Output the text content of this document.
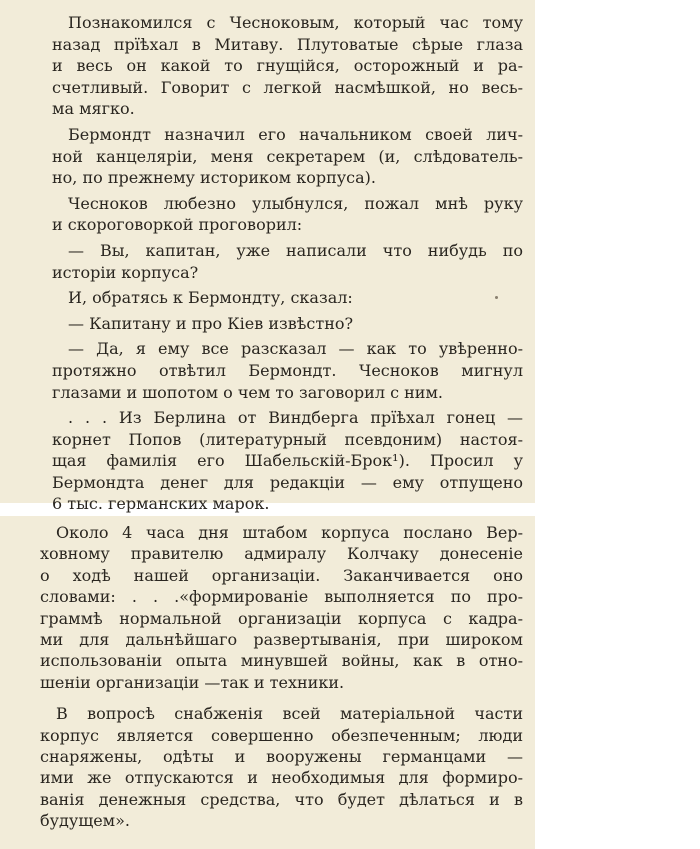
 Познакомился с Чесноковым, который час тому
назад прїѣхал в Митаву. Плутоватые сѣрые глаза
и весь он какой то гнущійся, осторожный и ра-
счетливый. Говорит с легкой насмѣшкой, но весь-
ма мягко.

 Бермондт назначил его начальником своей лич-
ной канцеляріи, меня секретарем (и, слѣдователь-
но, по прежнему историком корпуса).

 Чесноков любезно улыбнулся, пожал мнѣ руку
и скороговоркой проговорил:

 — Вы, капитан, уже написали что нибудь по
исторіи корпуса?

 И, обратясь к Бермондту, сказал:

 — Капитану и про Кіев извѣстно?

 — Да, я ему все разсказал — как то увѣренно-
протяжно отвѣтил Бермондт. Чесноков мигнул
глазами и шопотом о чем то заговорил с ним.

 . . . Из Берлина от Виндберга прїѣхал гонец —
корнет Попов (литературный псевдоним) настоя-
щая фамилія его Шабельскій-Брок¹). Просил у
Бермондта денег для редакціи — ему отпущено
6 тыс. германских марок.

 Около 4 часа дня штабом корпуса послано Вер-
ховному правителю адмиралу Колчаку донесеніе
о ходѣ нашей организаціи. Заканчивается оно
словами: . . .«формированіе выполняется по про-
граммѣ нормальной организаціи корпуса с кадра-
ми для дальнѣйшаго развертыванія, при широком
использованіи опыта минувшей войны, как в отно-
шеніи организаціи —так и техники.

 В вопросѣ снабженія всей матеріальной части
корпус является совершенно обезпеченным; люди
снаряжены, одѣты и вооружены германцами —
ими же отпускаются и необходимыя для формиро-
ванія денежныя средства, что будет дѣлаться и в
будущем».
